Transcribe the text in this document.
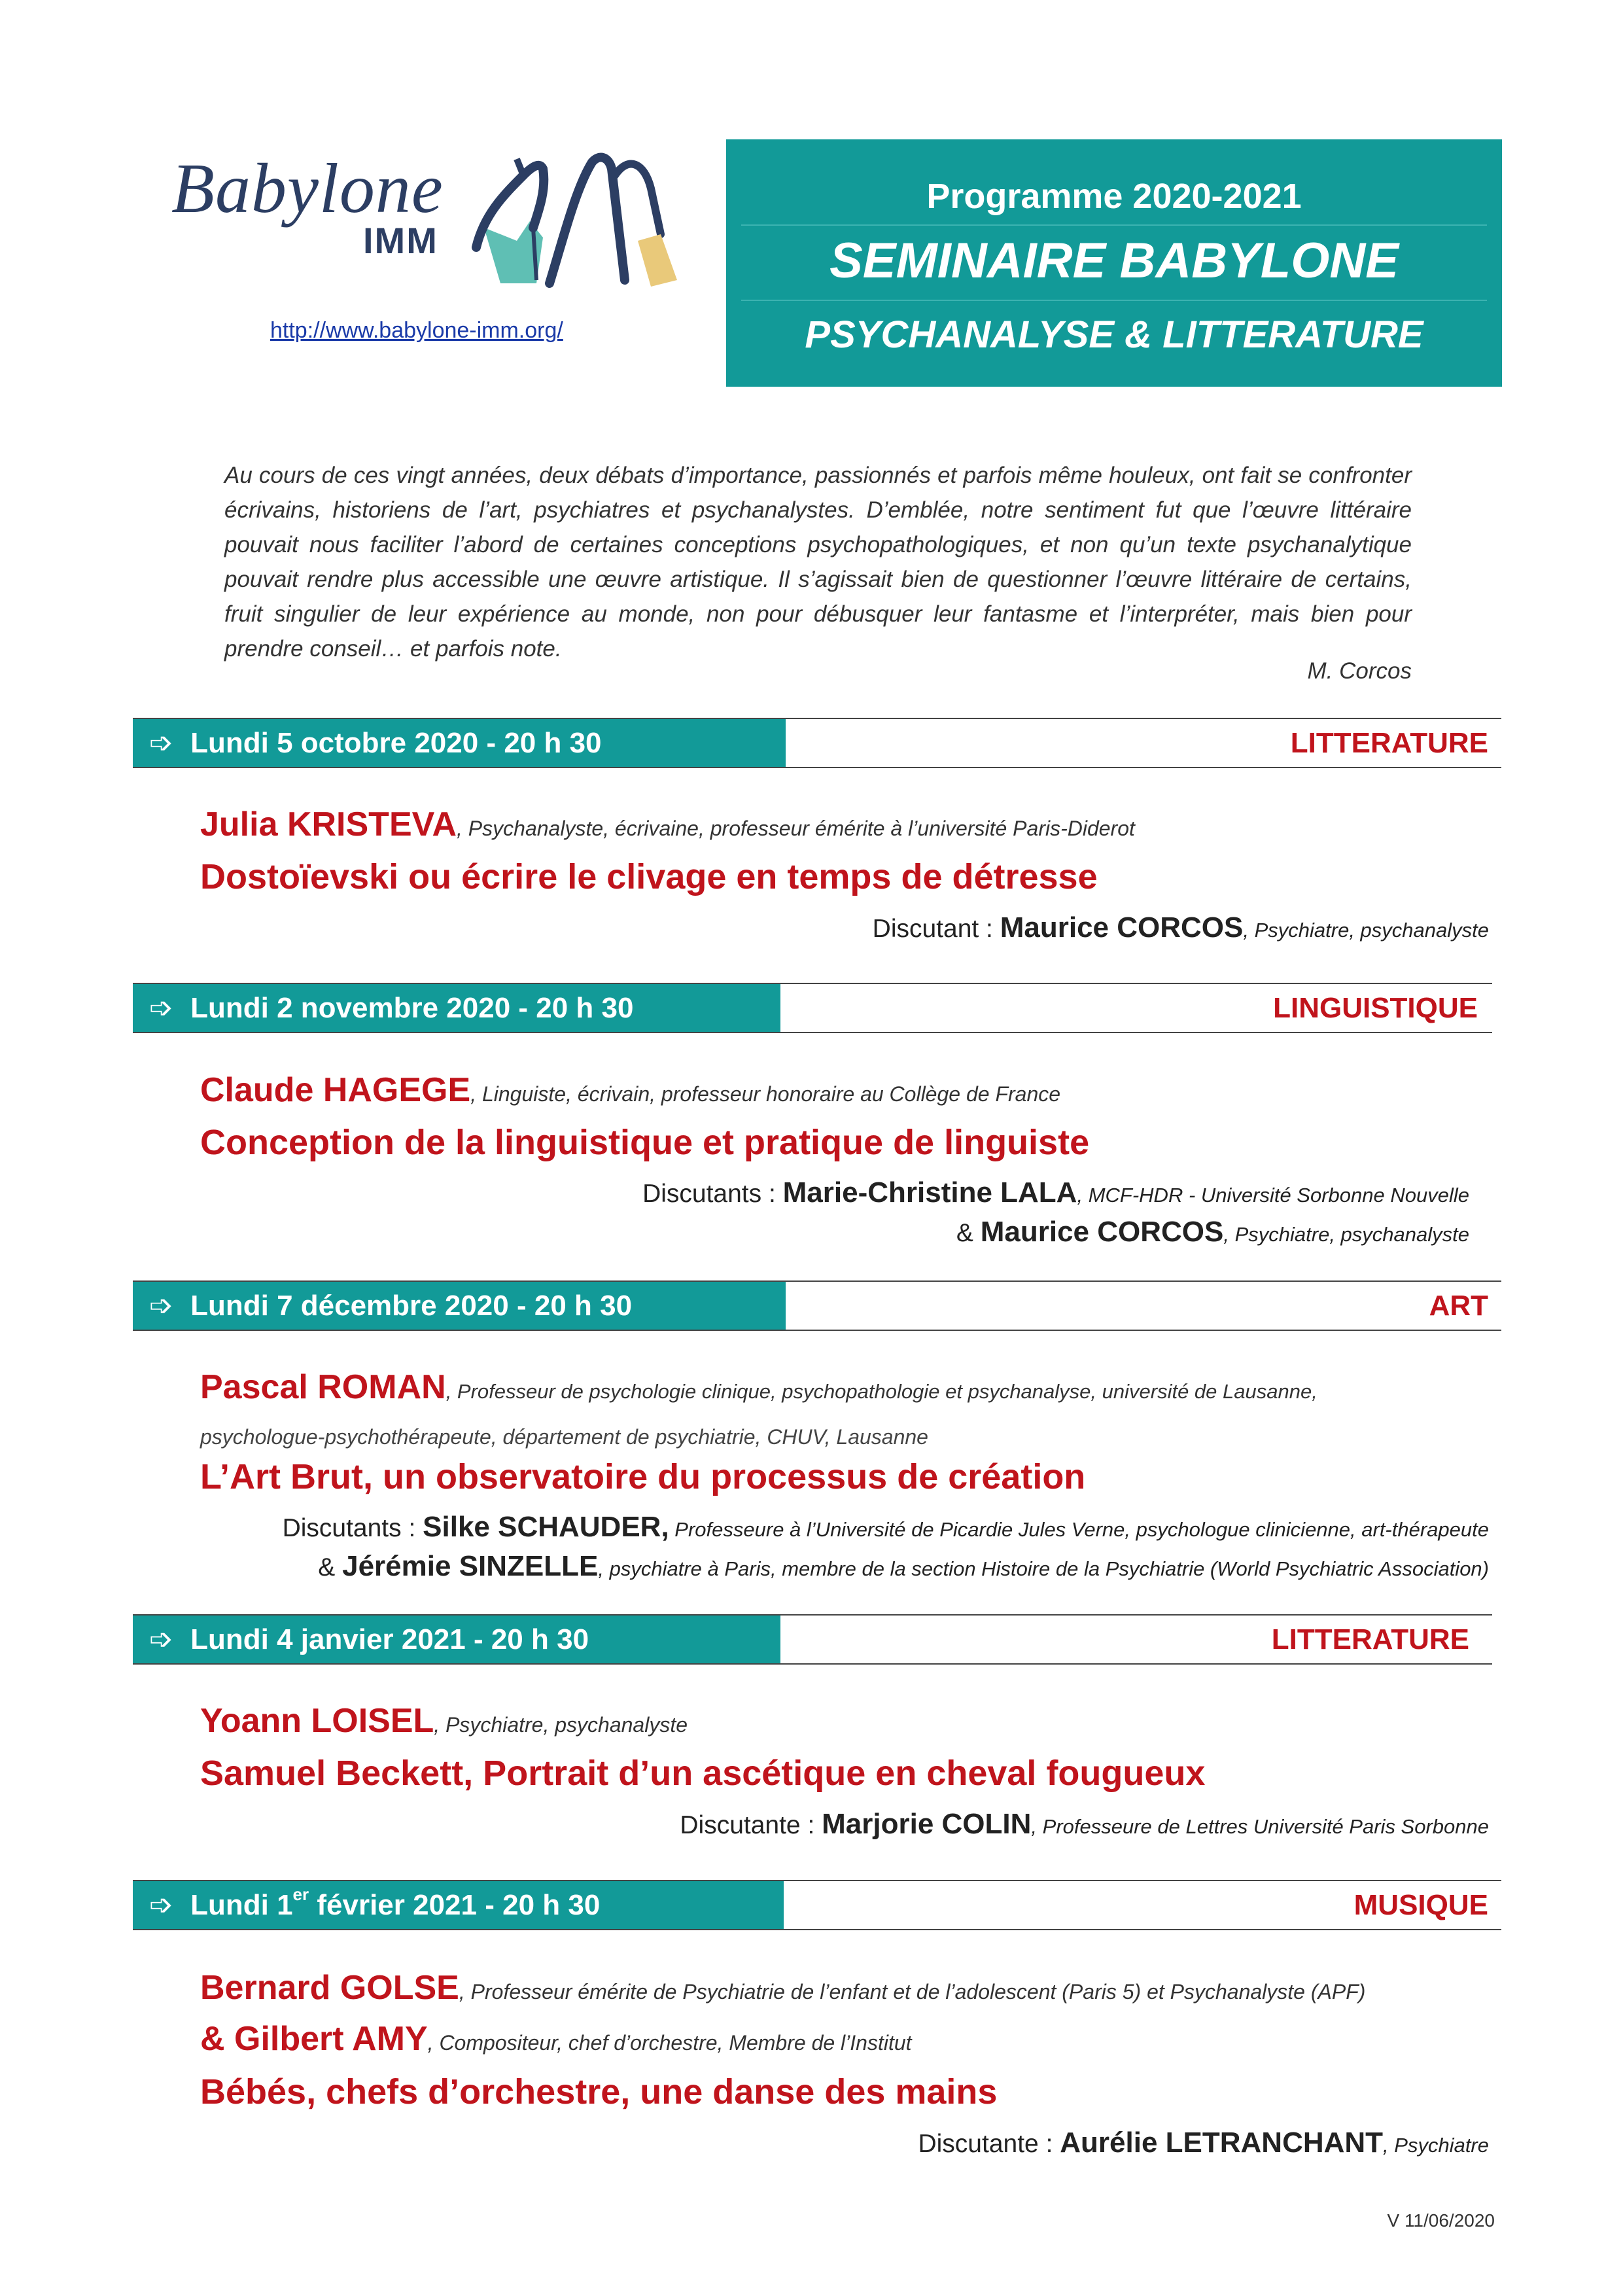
Babylone
IMM
http://www.babylone-imm.org/
Programme 2020-2021
SEMINAIRE BABYLONE
PSYCHANALYSE & LITTERATURE
Au cours de ces vingt années, deux débats d’importance, passionnés et parfois même houleux, ont fait se confronter écrivains, historiens de l’art, psychiatres et psychanalystes. D’emblée, notre sentiment fut que l’œuvre littéraire pouvait nous faciliter l’abord de certaines conceptions psychopathologiques, et non qu’un texte psychanalytique pouvait rendre plus accessible une œuvre artistique. Il s’agissait bien de questionner l’œuvre littéraire de certains, fruit singulier de leur expérience au monde, non pour débusquer leur fantasme et l’interpréter, mais bien pour prendre conseil… et parfois note.
M. Corcos
➩ Lundi 5 octobre 2020 - 20 h 30	LITTERATURE
Julia KRISTEVA, Psychanalyste, écrivaine, professeur émérite à l’université Paris-Diderot
Dostoïevski ou écrire le clivage en temps de détresse
Discutant : Maurice CORCOS, Psychiatre, psychanalyste
➩ Lundi 2 novembre 2020 - 20 h 30	LINGUISTIQUE
Claude HAGEGE, Linguiste, écrivain, professeur honoraire au Collège de France
Conception de la linguistique et pratique de linguiste
Discutants : Marie-Christine LALA, MCF-HDR - Université Sorbonne Nouvelle
& Maurice CORCOS, Psychiatre, psychanalyste
➩ Lundi 7 décembre 2020 - 20 h 30	ART
Pascal ROMAN, Professeur de psychologie clinique, psychopathologie et psychanalyse, université de Lausanne,
psychologue-psychothérapeute, département de psychiatrie, CHUV, Lausanne
L’Art Brut, un observatoire du processus de création
Discutants : Silke SCHAUDER, Professeure à l’Université de Picardie Jules Verne, psychologue clinicienne, art-thérapeute
& Jérémie SINZELLE, psychiatre à Paris, membre de la section Histoire de la Psychiatrie (World Psychiatric Association)
➩ Lundi 4 janvier 2021 - 20 h 30	LITTERATURE
Yoann LOISEL, Psychiatre, psychanalyste
Samuel Beckett, Portrait d’un ascétique en cheval fougueux
Discutante : Marjorie COLIN, Professeure de Lettres Université Paris Sorbonne
➩ Lundi 1er février 2021 - 20 h 30	MUSIQUE
Bernard GOLSE, Professeur émérite de Psychiatrie de l’enfant et de l’adolescent (Paris 5) et Psychanalyste (APF)
& Gilbert AMY, Compositeur, chef d’orchestre, Membre de l’Institut
Bébés, chefs d’orchestre, une danse des mains
Discutante : Aurélie LETRANCHANT, Psychiatre
V 11/06/2020
